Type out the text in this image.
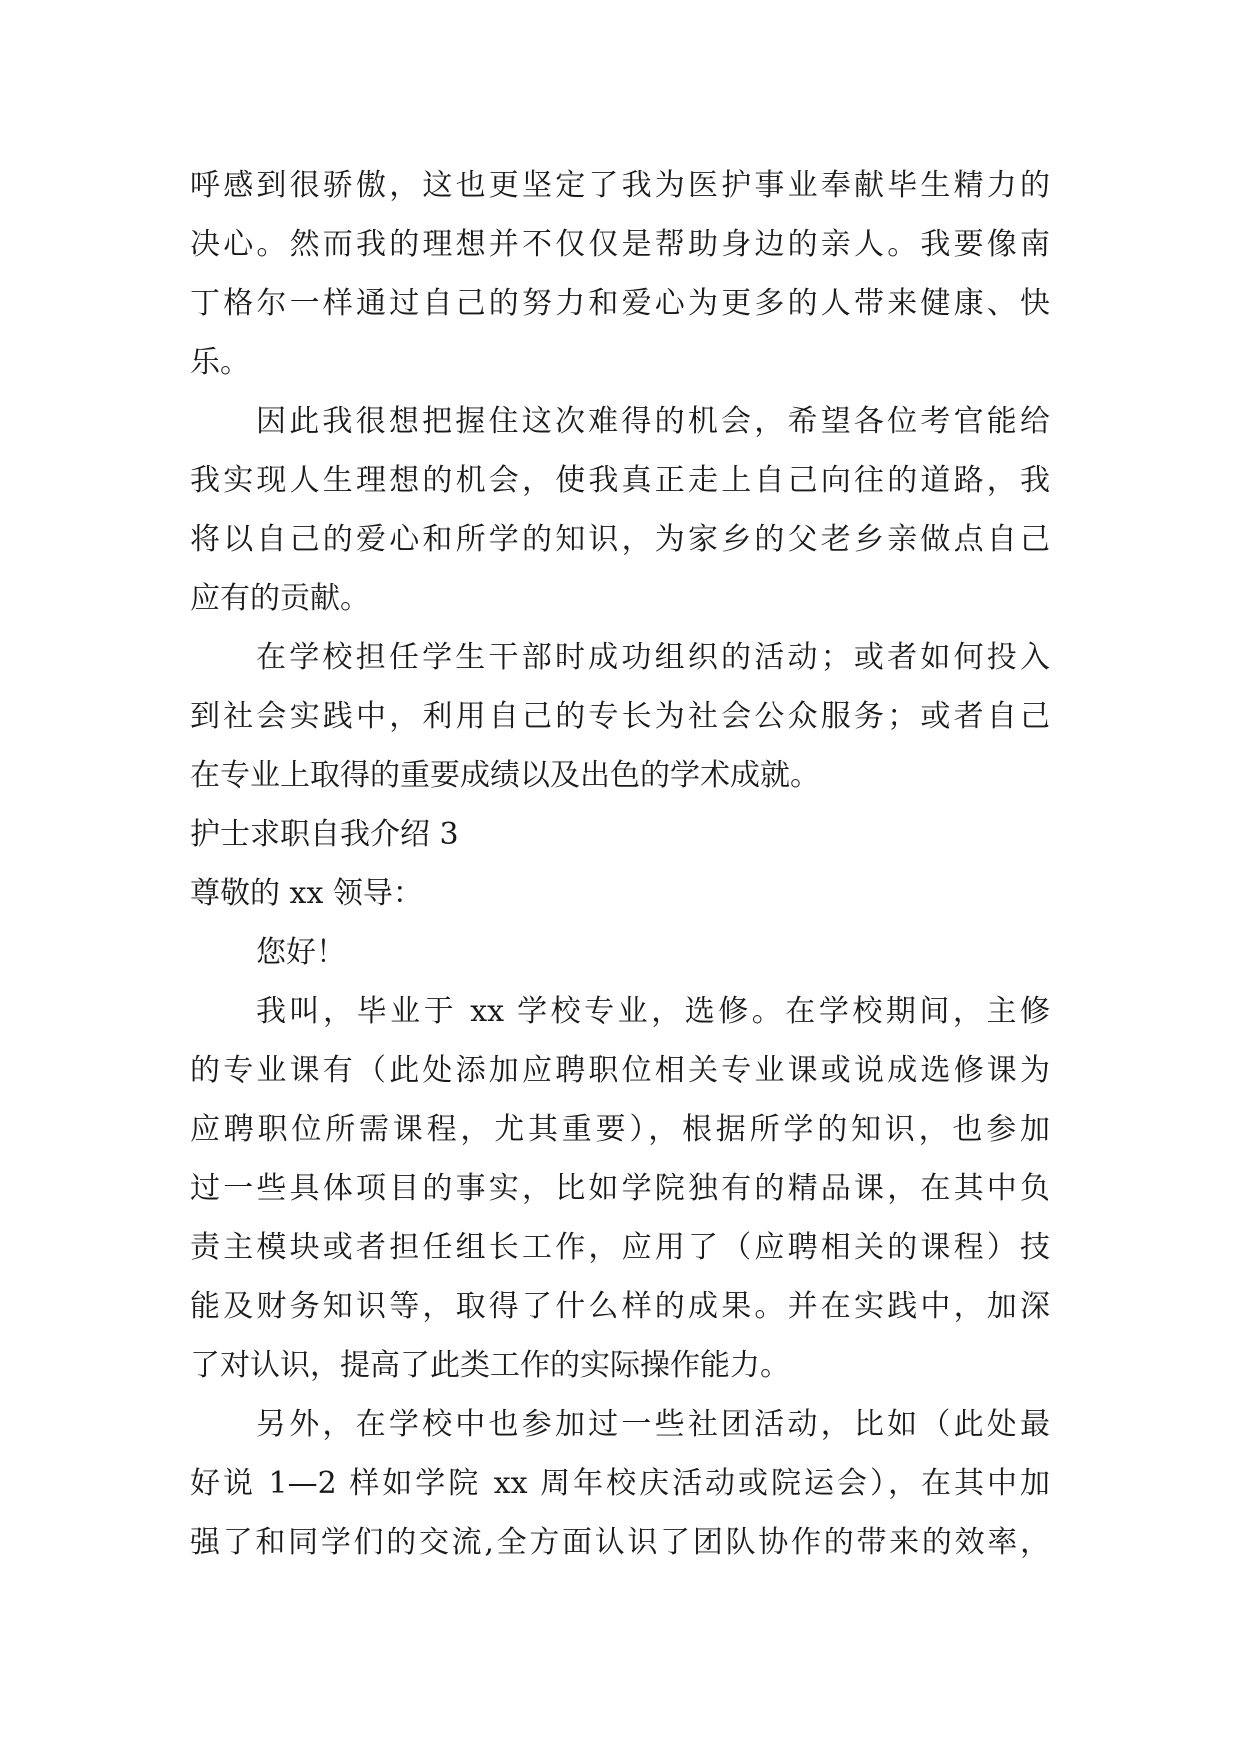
呼感到很骄傲，这也更坚定了我为医护事业奉献毕生精力的
决心。然而我的理想并不仅仅是帮助身边的亲人。我要像南
丁格尔一样通过自己的努力和爱心为更多的人带来健康、快
乐。
因此我很想把握住这次难得的机会，希望各位考官能给
我实现人生理想的机会，使我真正走上自己向往的道路，我
将以自己的爱心和所学的知识，为家乡的父老乡亲做点自己
应有的贡献。
在学校担任学生干部时成功组织的活动；或者如何投入
到社会实践中，利用自己的专长为社会公众服务；或者自己
在专业上取得的重要成绩以及出色的学术成就。
护士求职自我介绍 3
尊敬的 xx 领导：
您好！
我叫，毕业于 xx 学校专业，选修。在学校期间，主修
的专业课有（此处添加应聘职位相关专业课或说成选修课为
应聘职位所需课程，尤其重要），根据所学的知识，也参加
过一些具体项目的事实，比如学院独有的精品课，在其中负
责主模块或者担任组长工作，应用了（应聘相关的课程）技
能及财务知识等，取得了什么样的成果。并在实践中，加深
了对认识，提高了此类工作的实际操作能力。
另外，在学校中也参加过一些社团活动，比如（此处最
好说 1—2 样如学院 xx 周年校庆活动或院运会），在其中加
强了和同学们的交流,全方面认识了团队协作的带来的效率，
